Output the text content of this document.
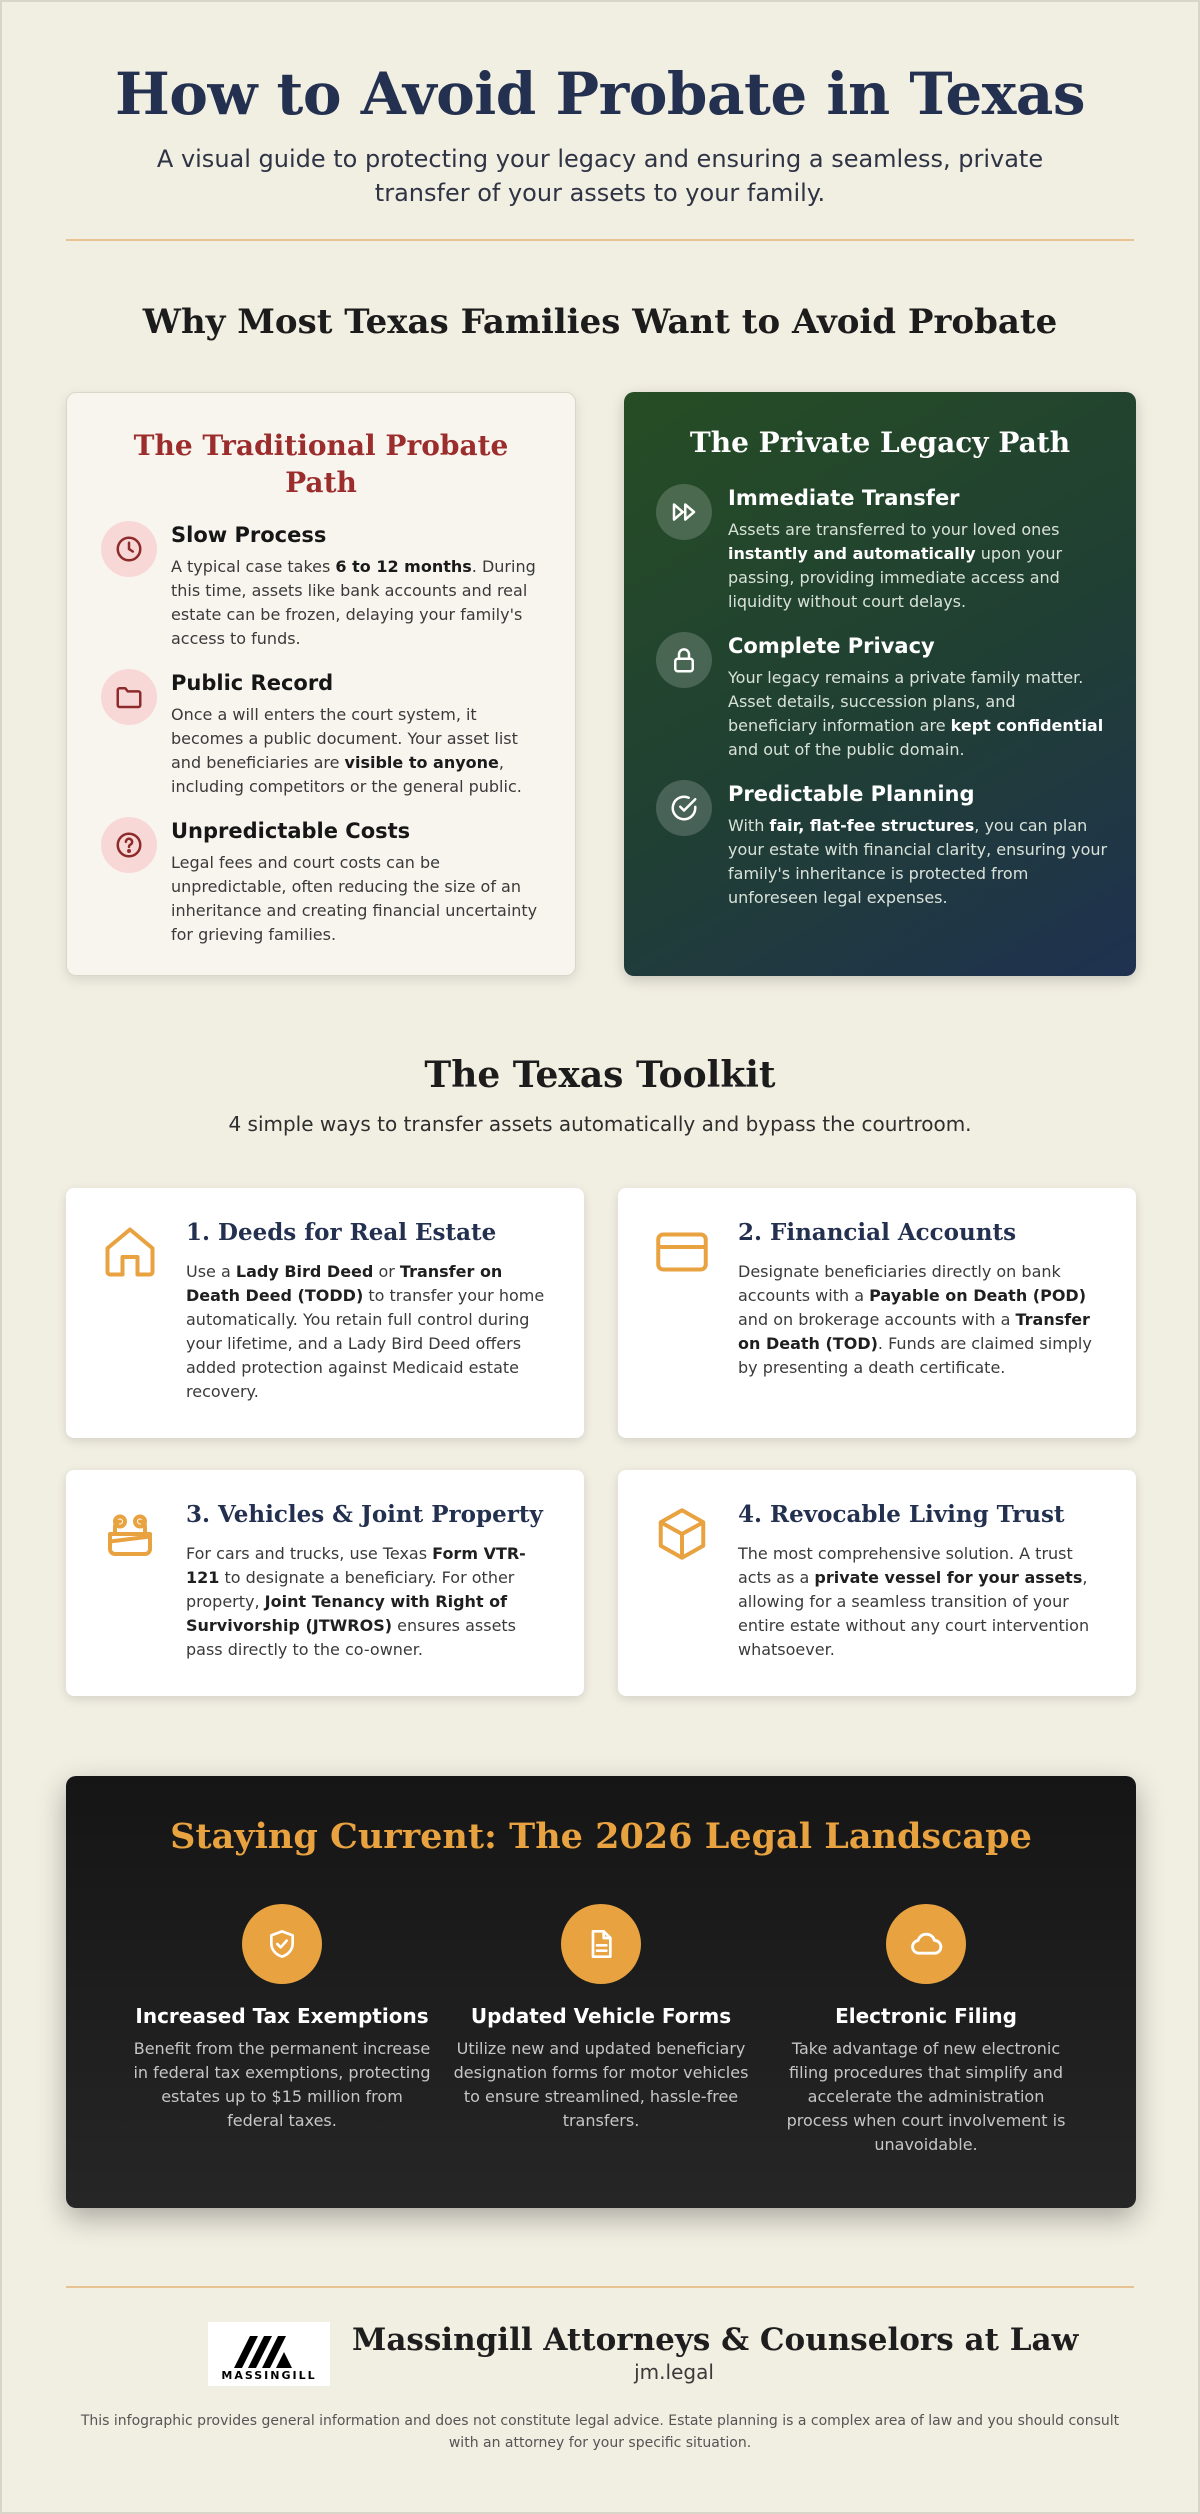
How to Avoid Probate in Texas

A visual guide to protecting your legacy and ensuring a seamless, private transfer of your assets to your family.

Why Most Texas Families Want to Avoid Probate
The Traditional Probate Path
Slow Process
A typical case takes 6 to 12 months. During this time, assets like bank accounts and real estate can be frozen, delaying your family's access to funds.
Public Record
Once a will enters the court system, it becomes a public document. Your asset list and beneficiaries are visible to anyone, including competitors or the general public.
Unpredictable Costs
Legal fees and court costs can be unpredictable, often reducing the size of an inheritance and creating financial uncertainty for grieving families.
The Private Legacy Path
Immediate Transfer
Assets are transferred to your loved ones instantly and automatically upon your passing, providing immediate access and liquidity without court delays.
Complete Privacy
Your legacy remains a private family matter. Asset details, succession plans, and beneficiary information are kept confidential and out of the public domain.
Predictable Planning
With fair, flat-fee structures, you can plan your estate with financial clarity, ensuring your family's inheritance is protected from unforeseen legal expenses.
The Texas Toolkit

4 simple ways to transfer assets automatically and bypass the courtroom.

1. Deeds for Real Estate
Use a Lady Bird Deed or Transfer on Death Deed (TODD) to transfer your home automatically. You retain full control during your lifetime, and a Lady Bird Deed offers added protection against Medicaid estate recovery.
2. Financial Accounts
Designate beneficiaries directly on bank accounts with a Payable on Death (POD) and on brokerage accounts with a Transfer on Death (TOD). Funds are claimed simply by presenting a death certificate.
3. Vehicles & Joint Property
For cars and trucks, use Texas Form VTR-121 to designate a beneficiary. For other property, Joint Tenancy with Right of Survivorship (JTWROS) ensures assets pass directly to the co-owner.
4. Revocable Living Trust
The most comprehensive solution. A trust acts as a private vessel for your assets, allowing for a seamless transition of your entire estate without any court intervention whatsoever.
Staying Current: The 2026 Legal Landscape
Increased Tax Exemptions
Benefit from the permanent increase in federal tax exemptions, protecting estates up to $15 million from federal taxes.
Updated Vehicle Forms
Utilize new and updated beneficiary designation forms for motor vehicles to ensure streamlined, hassle-free transfers.
Electronic Filing
Take advantage of new electronic filing procedures that simplify and accelerate the administration process when court involvement is unavoidable.
MASSINGILL
Massingill Attorneys & Counselors at Law
jm.legal

This infographic provides general information and does not constitute legal advice. Estate planning is a complex area of law and you should consult with an attorney for your specific situation.
